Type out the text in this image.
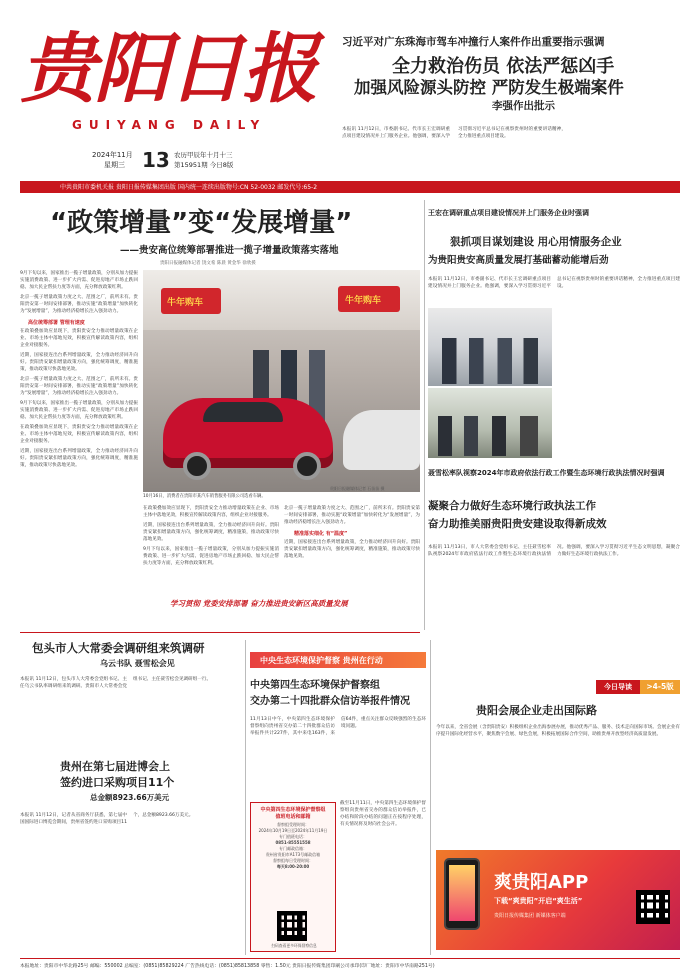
贵阳日报
GUIYANG DAILY
2024年11月
星期三 13 农历甲辰年十月十三
第15951期 今日8版
习近平对广东珠海市驾车冲撞行人案件作出重要指示强调
全力救治伤员 依法严惩凶手
加强风险源头防控 严防发生极端案件
李强作出批示
本报讯 11月12日，市委副书记、代市长王宏调研重点项目建设情况并上门服务企业。他强调，要深入学习贯彻习近平总书记在视察贵州时的重要讲话精神，全力推进重点项目建设。
中共贵阳市委机关报 贵阳日报传媒集团出版 国内统一连续出版物号:CN 52-0032 邮发代号:65-2
“政策增量”变“发展增量”
——贵安高位统筹部署推进一揽子增量政策落实落地
贵阳日报融媒体记者 饶文希 陈晨 黄金华 徐欣援
9月下旬以来，国家推出一揽子增量政策，分别从加力提振实施消费政策、进一步扩大内需、促进房地产市场止跌回稳、加大民企帮扶力度等方面，充分释放政策红利。
北京一揽子增量政策力度之大、范围之广，前所未有。贵阳贵安第一时间安排部署，推动实施“政策增量”加快转化为“发展增量”，为推动经济稳增长注入强劲动力。
高位统筹部署 管理有速度
在政策叠加效应显现下，贵阳贵安全力推动增量政策在企业、市场主体中落地见效，积极宣传解读政策内容，组织企业对接服务。
近期，国家接连出台系列增量政策，全力推动经济回升向好。贵阳贵安紧扣增量政策方向，强化统筹调度，精准施策，推动政策尽快落地见效。
北京一揽子增量政策力度之大、范围之广，前所未有。贵阳贵安第一时间安排部署，推动实施“政策增量”加快转化为“发展增量”，为推动经济稳增长注入强劲动力。
9月下旬以来，国家推出一揽子增量政策，分别从加力提振实施消费政策、进一步扩大内需、促进房地产市场止跌回稳、加大民企帮扶力度等方面，充分释放政策红利。
在政策叠加效应显现下，贵阳贵安全力推动增量政策在企业、市场主体中落地见效，积极宣传解读政策内容，组织企业对接服务。
近期，国家接连出台系列增量政策，全力推动经济回升向好。贵阳贵安紧扣增量政策方向，强化统筹调度，精准施策，推动政策尽快落地见效。
牛年购车	牛年购车
10月16日，消费者在贵阳市某汽车销售服务有限公司选看车辆。
贵阳日报融媒体记者 石苗苗 摄
在政策叠加效应显现下，贵阳贵安全力推动增量政策在企业、市场主体中落地见效，积极宣传解读政策内容，组织企业对接服务。
近期，国家接连出台系列增量政策，全力推动经济回升向好。贵阳贵安紧扣增量政策方向，强化统筹调度，精准施策，推动政策尽快落地见效。
9月下旬以来，国家推出一揽子增量政策，分别从加力提振实施消费政策、进一步扩大内需、促进房地产市场止跌回稳、加大民企帮扶力度等方面，充分释放政策红利。
北京一揽子增量政策力度之大、范围之广，前所未有。贵阳贵安第一时间安排部署，推动实施“政策增量”加快转化为“发展增量”，为推动经济稳增长注入强劲动力。
精准落实细化 有“温度”
近期，国家接连出台系列增量政策，全力推动经济回升向好。贵阳贵安紧扣增量政策方向，强化统筹调度，精准施策，推动政策尽快落地见效。
学习贯彻 党委安排部署 奋力推进贵安新区高质量发展
王宏在调研重点项目建设情况并上门服务企业时强调
狠抓项目谋划建设 用心用情服务企业
为贵阳贵安高质量发展打基础蓄动能增后劲
本报讯 11月12日，市委副书记、代市长王宏调研重点项目建设情况并上门服务企业。他强调，要深入学习贯彻习近平总书记在视察贵州时的重要讲话精神，全力推进重点项目建设。
聂雪松率队视察2024年市政府依法行政工作暨生态环境行政执法情况时强调
凝聚合力做好生态环境行政执法工作
奋力助推美丽贵阳贵安建设取得新成效
本报讯 11月13日，市人大常委会党组书记、主任聂雪松率队视察2024年市政府依法行政工作暨生态环境行政执法情况。他强调，要深入学习贯彻习近平生态文明思想，凝聚合力做好生态环境行政执法工作。
包头市人大常委会调研组来筑调研
乌云书队 聂雪松会见
本报讯 11月12日，包头市人大常委会党组书记、主任乌云书队率调研组来筑调研。贵阳市人大常委会党组书记、主任聂雪松会见调研组一行。
贵州在第七届进博会上
签约进口采购项目11个
总金额8923.66万美元
本报讯 11月12日，记者从省商务厅获悉，第七届中国国际进口博览会期间，贵州省签约进口采购项目11个，总金额8923.66万美元。
中央生态环境保护督察 贵州在行动
中央第四生态环境保护督察组
交办第二十四批群众信访举报件情况
11月13日中午，中央第四生态环境保护督察组向贵州省交办第二十四批群众信访举报件共计227件，其中来电163件，来信64件，重点关注群众反映强烈的生态环境问题。
截至11月11日，中央第四生态环境保护督察组向贵州省交办的群众信访举报件，已办结和阶段办结的问题正在按程序处理，有关情况将及时向社会公开。
中央第四生态环境保护督察组
值班电话和邮箱
督察组受理时间：
2024年10月19日至2024年11月19日
专门值班电话：
0851-85551558
专门邮政信箱：
贵州省贵阳市A173号邮政信箱
督察组每日受理时间：
每天8:00-20:00
扫码查看更多环保督察信息
今日导读	>4-5版
贵阳会展企业走出国际路
今年以来，全省会展（含贵阳贵安）积极组织企业出海参展办展，推动优秀产品、服务、技术走向国际市场。会展企业有序提升国际化经营水平，聚焦数字会展、绿色会展，积极拓展国际合作空间，助推贵州开放型经济高质量发展。
爽贵阳APP
下载“爽贵阳”开启“爽生活”
贵阳日报传媒集团 新媒体客户端
本报地址：贵阳市中华北路25号 邮编：550002 总编室：(0851)85829224 广告热线电话：(0851)85813858 零售：1.50元 贵阳日报传媒集团印刷公司承印(印厂地址：贵阳市中华南路251号)
